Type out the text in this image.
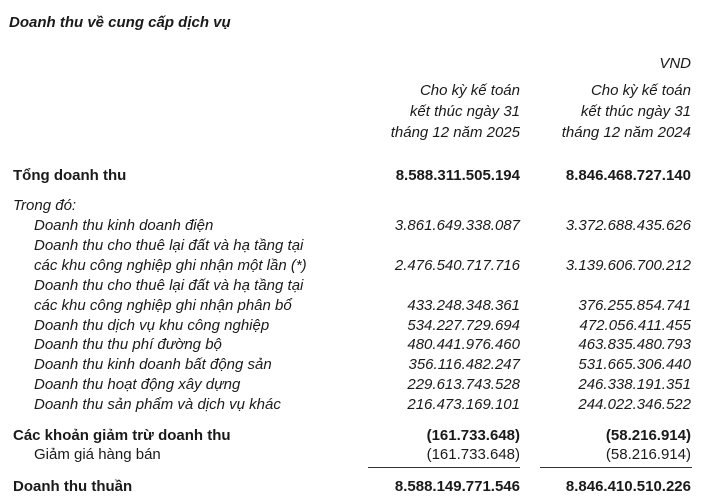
Doanh thu về cung cấp dịch vụ
VND
Cho kỳ kế toán
kết thúc ngày 31
tháng 12 năm 2025
Cho kỳ kế toán
kết thúc ngày 31
tháng 12 năm 2024
Tổng doanh thu	8.588.311.505.194	8.846.468.727.140
Trong đó:
Doanh thu kinh doanh điện	3.861.649.338.087	3.372.688.435.626
Doanh thu cho thuê lại đất và hạ tầng tại
các khu công nghiệp ghi nhận một lần (*)	2.476.540.717.716	3.139.606.700.212
Doanh thu cho thuê lại đất và hạ tầng tại
các khu công nghiệp ghi nhận phân bổ	433.248.348.361	376.255.854.741
Doanh thu dịch vụ khu công nghiệp	534.227.729.694	472.056.411.455
Doanh thu thu phí đường bộ	480.441.976.460	463.835.480.793
Doanh thu kinh doanh bất động sản	356.116.482.247	531.665.306.440
Doanh thu hoạt động xây dựng	229.613.743.528	246.338.191.351
Doanh thu sản phẩm và dịch vụ khác	216.473.169.101	244.022.346.522
Các khoản giảm trừ doanh thu	(161.733.648)	(58.216.914)
Giảm giá hàng bán	(161.733.648)	(58.216.914)
Doanh thu thuần	8.588.149.771.546	8.846.410.510.226
